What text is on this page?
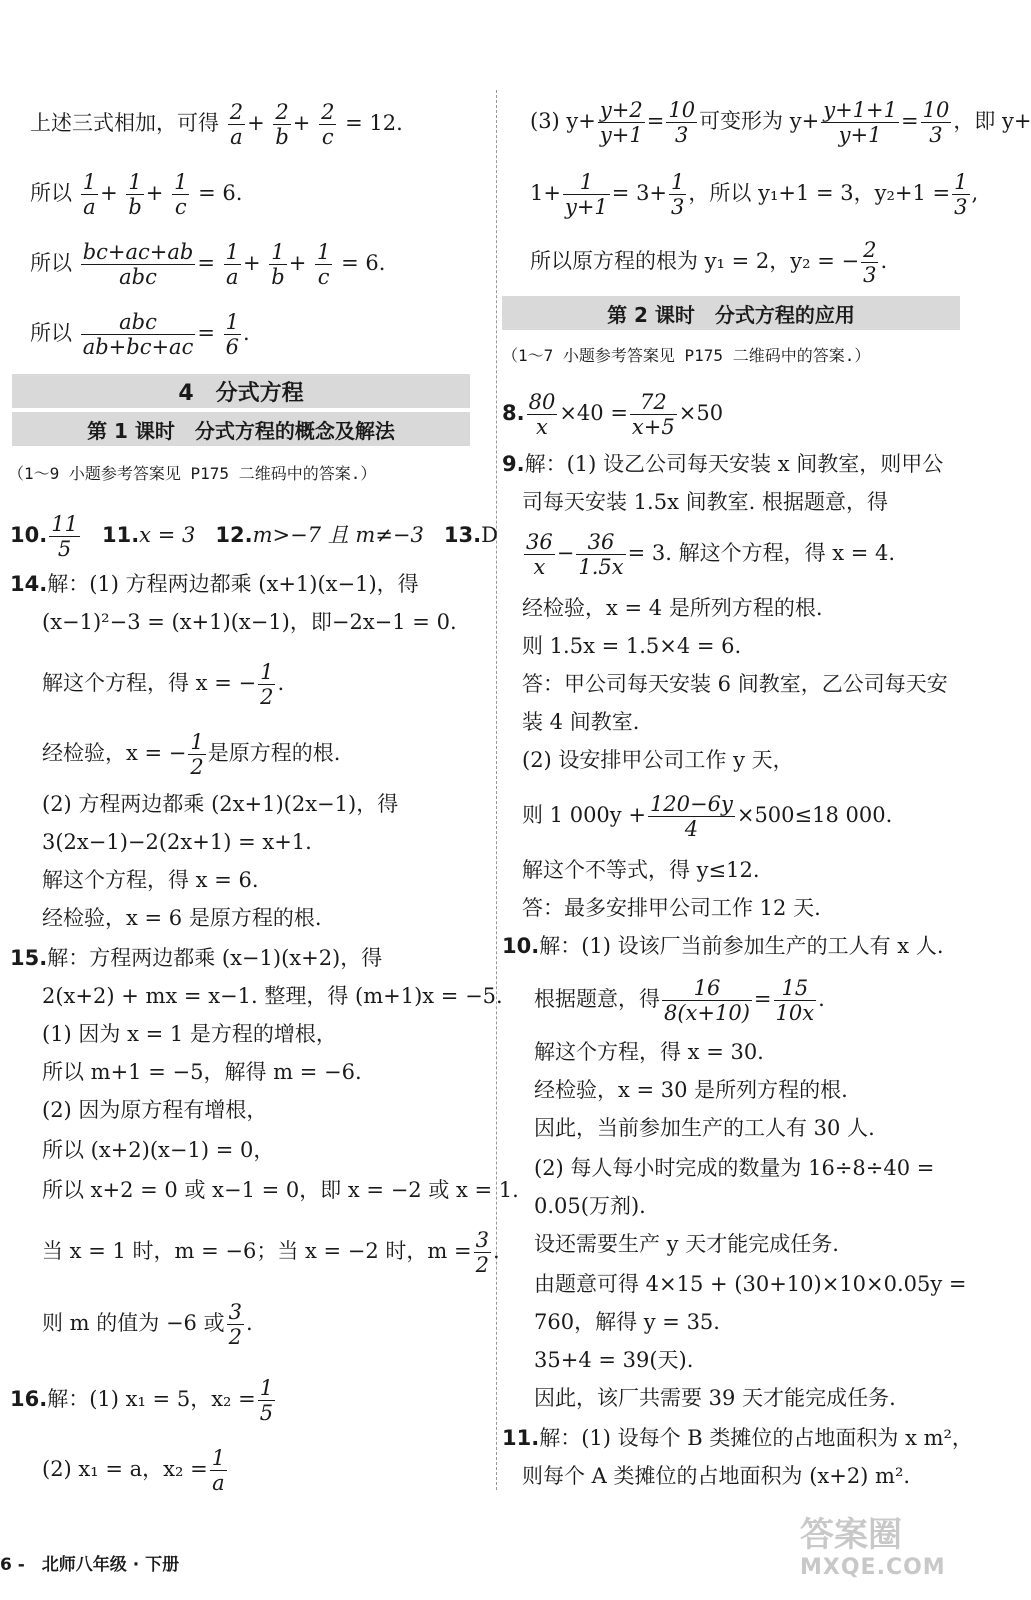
上述三式相加，可得 $\frac{2}{a} + \frac{2}{b} + \frac{2}{c} = 12$.
所以 $\frac{1}{a} + \frac{1}{b} + \frac{1}{c} = 6$.
所以 $\frac{bc+ac+ab}{\text{abc}} = \frac{1}{a} + \frac{1}{b} + \frac{1}{c} = 6$.
所以 $\frac{\text{abc}}{ab+bc+ac} = \frac{1}{6}$ .
4　分式方程
第 1 课时　分式方程的概念及解法
（1～9 小题参考答案见 P175 二维码中的答案.）
10. $\frac{11}{5} 11.x = 3$ 12.m>−7 且 m≠−3 13.D
14.解：(1) 方程两边都乘 (x+1)(x−1)，得
(x−1)²−3 = (x+1)(x−1)，即−2x−1 = 0.
解这个方程，得 x = − $\frac{1}{2}$ .
经检验，x = − $\frac{1}{2}$ 是原方程的根.
(2) 方程两边都乘 (2x+1)(2x−1)，得
3(2x−1)−2(2x+1) = x+1.
解这个方程，得 x = 6.
经检验，x = 6 是原方程的根.
15.解：方程两边都乘 (x−1)(x+2)，得
2(x+2) + mx = x−1. 整理，得 (m+1)x = −5.
(1) 因为 x = 1 是方程的增根，
所以 m+1 = −5，解得 m = −6.
(2) 因为原方程有增根，
所以 (x+2)(x−1) = 0，
所以 x+2 = 0 或 x−1 = 0，即 x = −2 或 x = 1.
当 x = 1 时，m = −6；当 x = −2 时，$m = \frac{3}{2}$ .
则 m 的值为 −6 或 $\frac{3}{2}$ .
16.解：(1) x₁ = 5，$x_2 = \frac{1}{5}$
(2) x₁ = a，$x_2 = \frac{1}{a}$
(3) $y+ \frac{y+2}{y+1} = \frac{10}{3}$ 可变形为 $y+ \frac{y+1+1}{y+1} = \frac{10}{3}$ ，即 y+
$1+ \frac{1}{y+1} = 3+ \frac{1}{3}$ ，所以 y₁+1 = 3，$y_2+1 = \frac{1}{3}$ ,
所以原方程的根为 y₁ = 2，y₂ = − $\frac{2}{3}$ .
第 2 课时　分式方程的应用
（1～7 小题参考答案见 P175 二维码中的答案.）
8. $\frac{80}{x} \times 40 = \frac{72}{x+5} \times 50$
9.解：(1) 设乙公司每天安装 x 间教室，则甲公
司每天安装 1.5x 间教室. 根据题意，得
$\frac{36}{x} - \frac{36}{1.5x} = 3$. 解这个方程，得 x = 4.
经检验，x = 4 是所列方程的根.
则 1.5x = 1.5×4 = 6.
答：甲公司每天安装 6 间教室，乙公司每天安
装 4 间教室.
(2) 设安排甲公司工作 y 天，
则 1 $000y + \frac{120-6y}{4} \times 500\le 18$ 000.
解这个不等式，得 y≤12.
答：最多安排甲公司工作 12 天.
10.解：(1) 设该厂当前参加生产的工人有 x 人.
根据题意，得 $\frac{16}{8(x+10)} = \frac{15}{10x}$ .
解这个方程，得 x = 30.
经检验，x = 30 是所列方程的根.
因此，当前参加生产的工人有 30 人.
(2) 每人每小时完成的数量为 16÷8÷40 =
0.05(万剂).
设还需要生产 y 天才能完成任务.
由题意可得 4×15 + (30+10)×10×0.05y =
760，解得 y = 35.
35+4 = 39(天).
因此，该厂共需要 39 天才能完成任务.
11.解：(1) 设每个 B 类摊位的占地面积为 x m²，
则每个 A 类摊位的占地面积为 (x+2) m².
6 -　北师八年级 · 下册
答案圈
MXQE.COM
